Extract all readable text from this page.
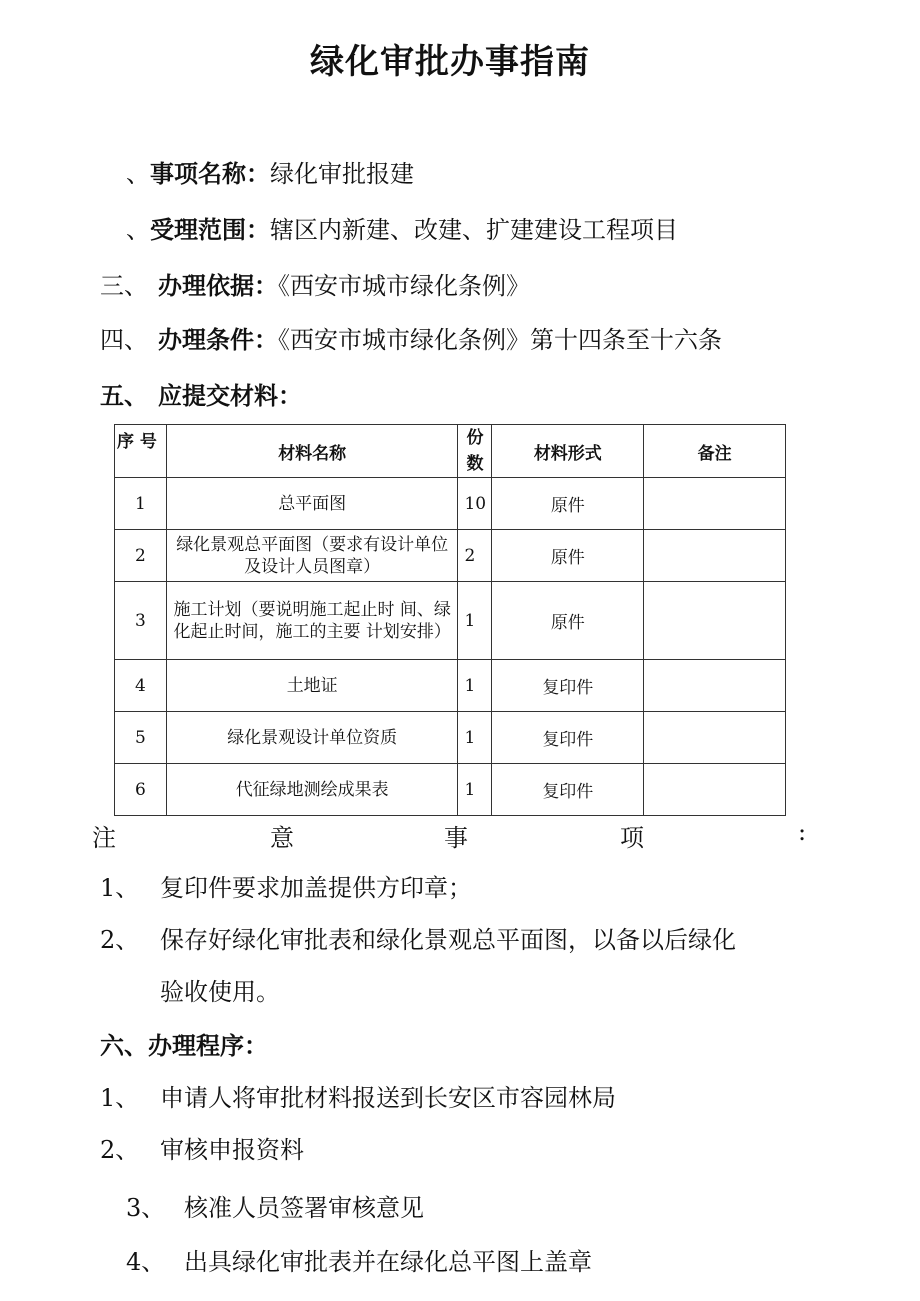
绿化审批办事指南
、事项名称：绿化审批报建
、受理范围：辖区内新建、改建、扩建建设工程项目
三、 办理依据：《西安市城市绿化条例》
四、 办理条件：《西安市城市绿化条例》第十四条至十六条
五、 应提交材料：
序 号	材料名称	份数	材料形式	备注
1	总平面图	10	原件	
2	绿化景观总平面图（要求有设计单位及设计人员图章）	2	原件	
3	施工计划（要说明施工起止时 间、绿化起止时间，施工的主要 计划安排）	1	原件	
4	土地证	1	复印件	
5	绿化景观设计单位资质	1	复印件	
6	代征绿地测绘成果表	1	复印件	
注	意	事	项	:
1、 复印件要求加盖提供方印章；
2、 保存好绿化审批表和绿化景观总平面图，以备以后绿化
验收使用。
六、办理程序：
1、 申请人将审批材料报送到长安区市容园林局
2、 审核申报资料
3、 核准人员签署审核意见
4、 出具绿化审批表并在绿化总平图上盖章
